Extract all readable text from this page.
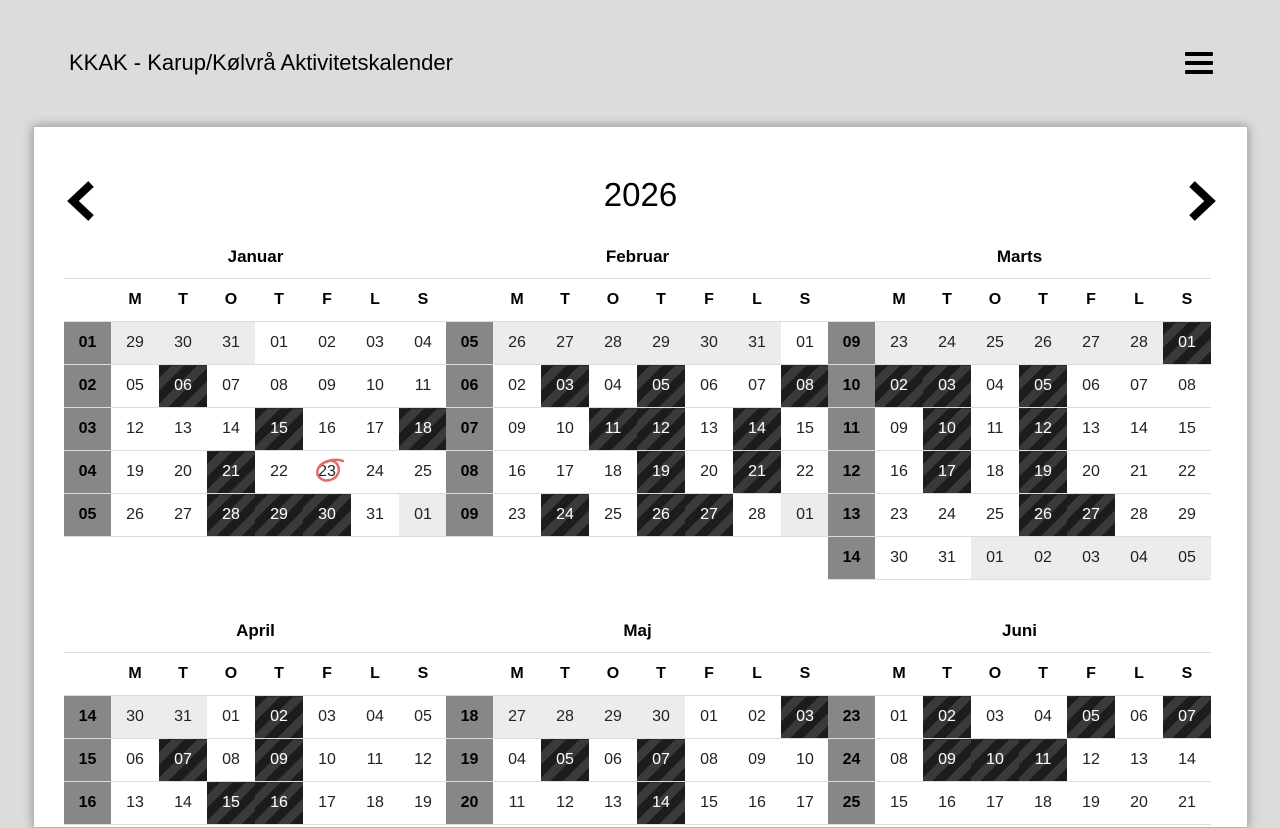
KKAK - Karup/Kølvrå Aktivitetskalender
2026
Januar
	M	T	O	T	F	L	S
01	29	30	31	01	02	03	04
02	05	06	07	08	09	10	11
03	12	13	14	15	16	17	18
04	19	20	21	22	23	24	25
05	26	27	28	29	30	31	01
Februar
	M	T	O	T	F	L	S
05	26	27	28	29	30	31	01
06	02	03	04	05	06	07	08
07	09	10	11	12	13	14	15
08	16	17	18	19	20	21	22
09	23	24	25	26	27	28	01
Marts
	M	T	O	T	F	L	S
09	23	24	25	26	27	28	01
10	02	03	04	05	06	07	08
11	09	10	11	12	13	14	15
12	16	17	18	19	20	21	22
13	23	24	25	26	27	28	29
14	30	31	01	02	03	04	05
April
	M	T	O	T	F	L	S
14	30	31	01	02	03	04	05
15	06	07	08	09	10	11	12
16	13	14	15	16	17	18	19
Maj
	M	T	O	T	F	L	S
18	27	28	29	30	01	02	03
19	04	05	06	07	08	09	10
20	11	12	13	14	15	16	17
Juni
	M	T	O	T	F	L	S
23	01	02	03	04	05	06	07
24	08	09	10	11	12	13	14
25	15	16	17	18	19	20	21
